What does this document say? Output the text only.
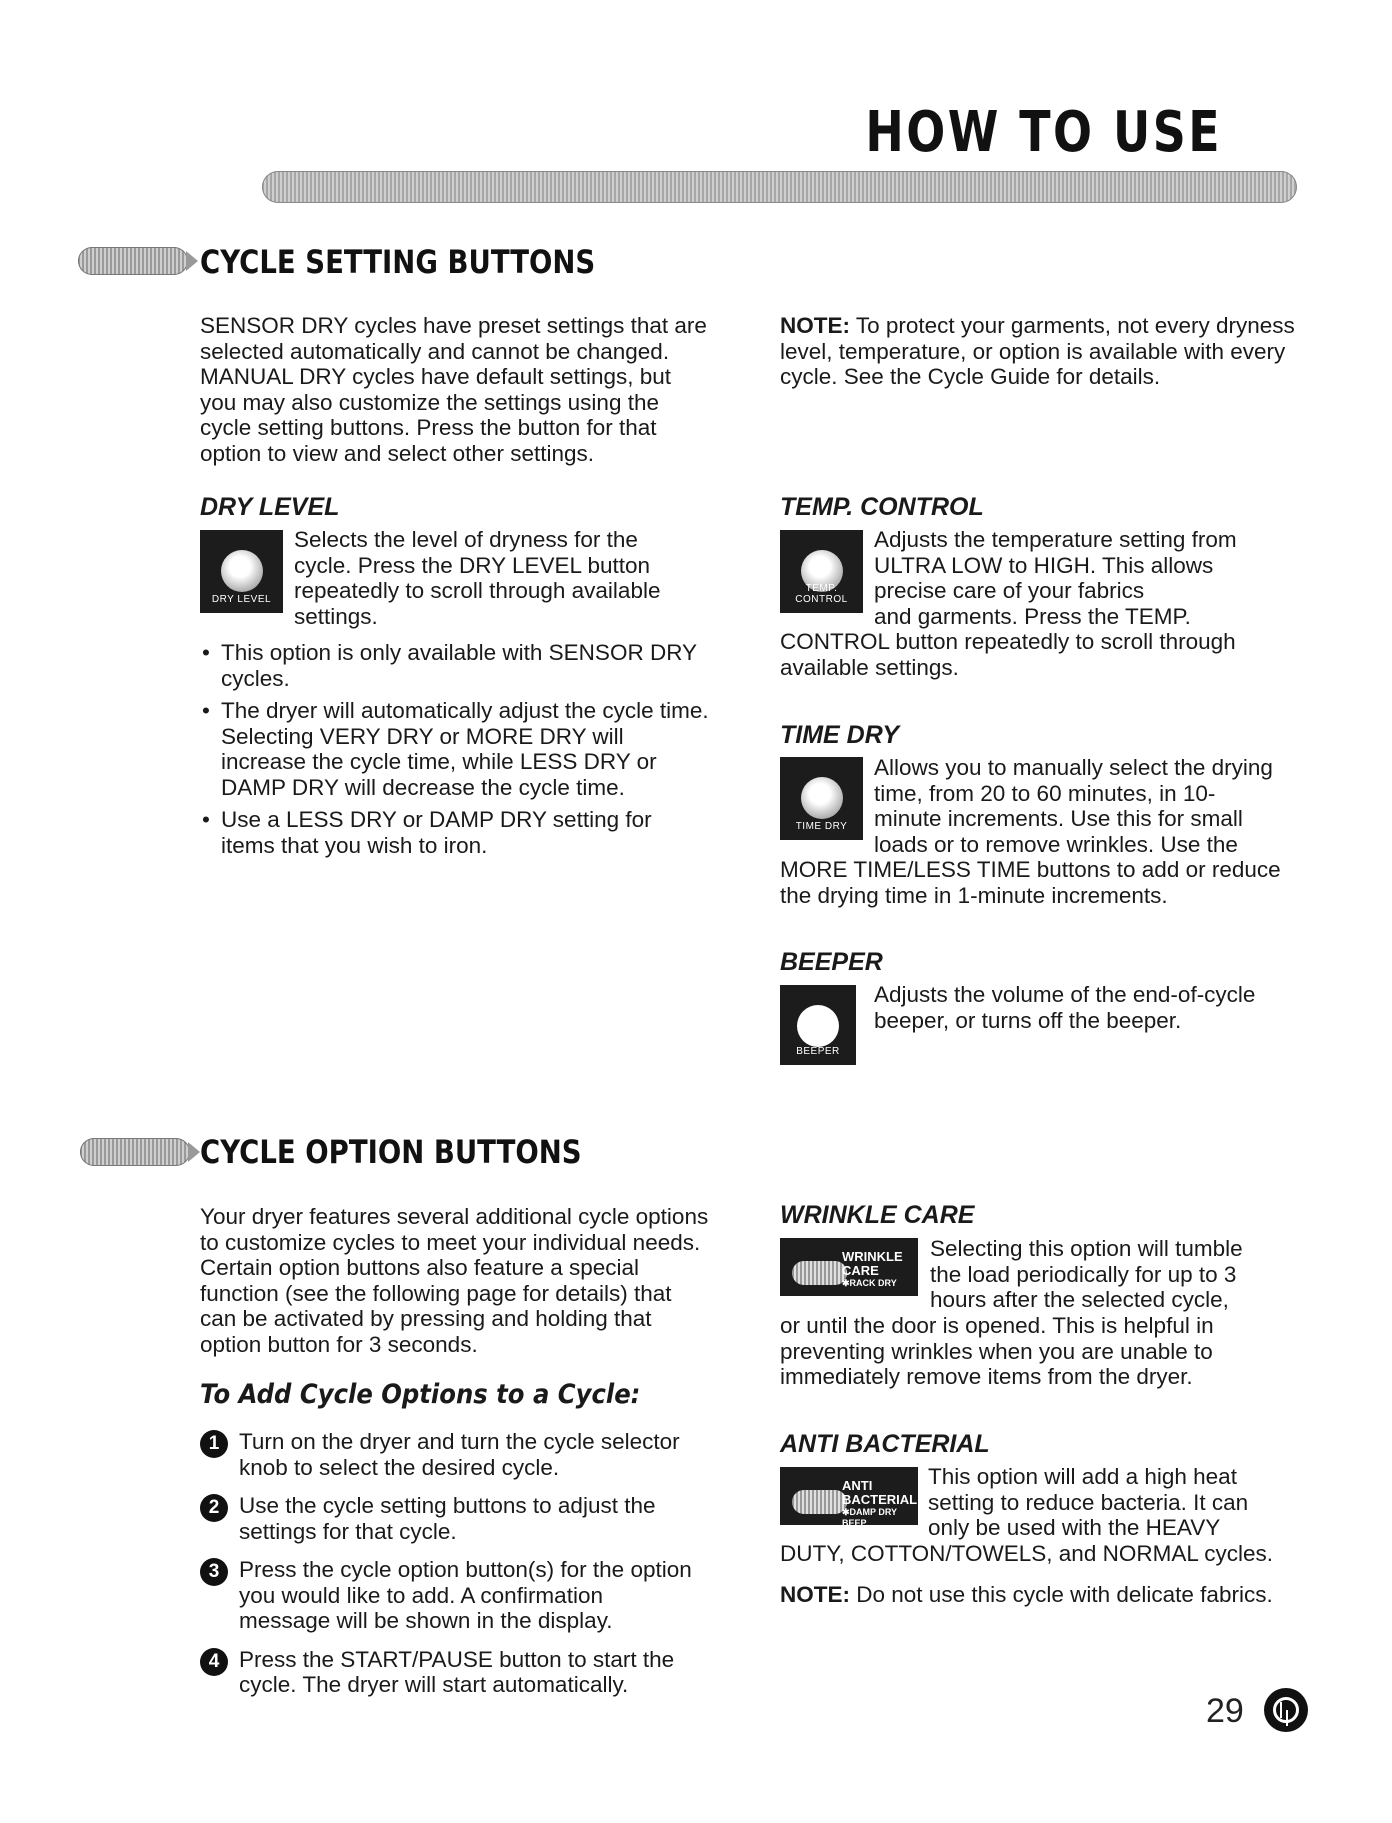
HOW TO USE
CYCLE SETTING BUTTONS
SENSOR DRY cycles have preset settings that are selected automatically and cannot be changed. MANUAL DRY cycles have default settings, but you may also customize the settings using the cycle setting buttons. Press the button for that option to view and select other settings.
NOTE: To protect your garments, not every dryness level, temperature, or option is available with every cycle. See the Cycle Guide for details.
DRY LEVEL
DRY LEVEL
Selects the level of dryness for the cycle. Press the DRY LEVEL button repeatedly to scroll through available settings.
• This option is only available with SENSOR DRY cycles.
• The dryer will automatically adjust the cycle time. Selecting VERY DRY or MORE DRY will increase the cycle time, while LESS DRY or DAMP DRY will decrease the cycle time.
• Use a LESS DRY or DAMP DRY setting for items that you wish to iron.
TEMP. CONTROL
TEMP. CONTROL
Adjusts the temperature setting from
ULTRA LOW to HIGH. This allows
precise care of your fabrics
and garments. Press the TEMP.
CONTROL button repeatedly to scroll through available settings.
TIME DRY
TIME DRY
Allows you to manually select the drying
time, from 20 to 60 minutes, in 10-
minute increments. Use this for small
loads or to remove wrinkles. Use the
MORE TIME/LESS TIME buttons to add or reduce the drying time in 1-minute increments.
BEEPER
BEEPER
Adjusts the volume of the end-of-cycle beeper, or turns off the beeper.
CYCLE OPTION BUTTONS
Your dryer features several additional cycle options to customize cycles to meet your individual needs. Certain option buttons also feature a special function (see the following page for details) that can be activated by pressing and holding that option button for 3 seconds.
To Add Cycle Options to a Cycle:
1 Turn on the dryer and turn the cycle selector knob to select the desired cycle.
2 Use the cycle setting buttons to adjust the settings for that cycle.
3 Press the cycle option button(s) for the option you would like to add. A confirmation message will be shown in the display.
4 Press the START/PAUSE button to start the cycle. The dryer will start automatically.
WRINKLE CARE
WRINKLE
CARE
✱RACK DRY
Selecting this option will tumble
the load periodically for up to 3
hours after the selected cycle,
or until the door is opened. This is helpful in preventing wrinkles when you are unable to immediately remove items from the dryer.
ANTI BACTERIAL
ANTI
BACTERIAL
✱DAMP DRY BEEP
This option will add a high heat
setting to reduce bacteria. It can
only be used with the HEAVY
DUTY, COTTON/TOWELS, and NORMAL cycles.
NOTE: Do not use this cycle with delicate fabrics.
29
